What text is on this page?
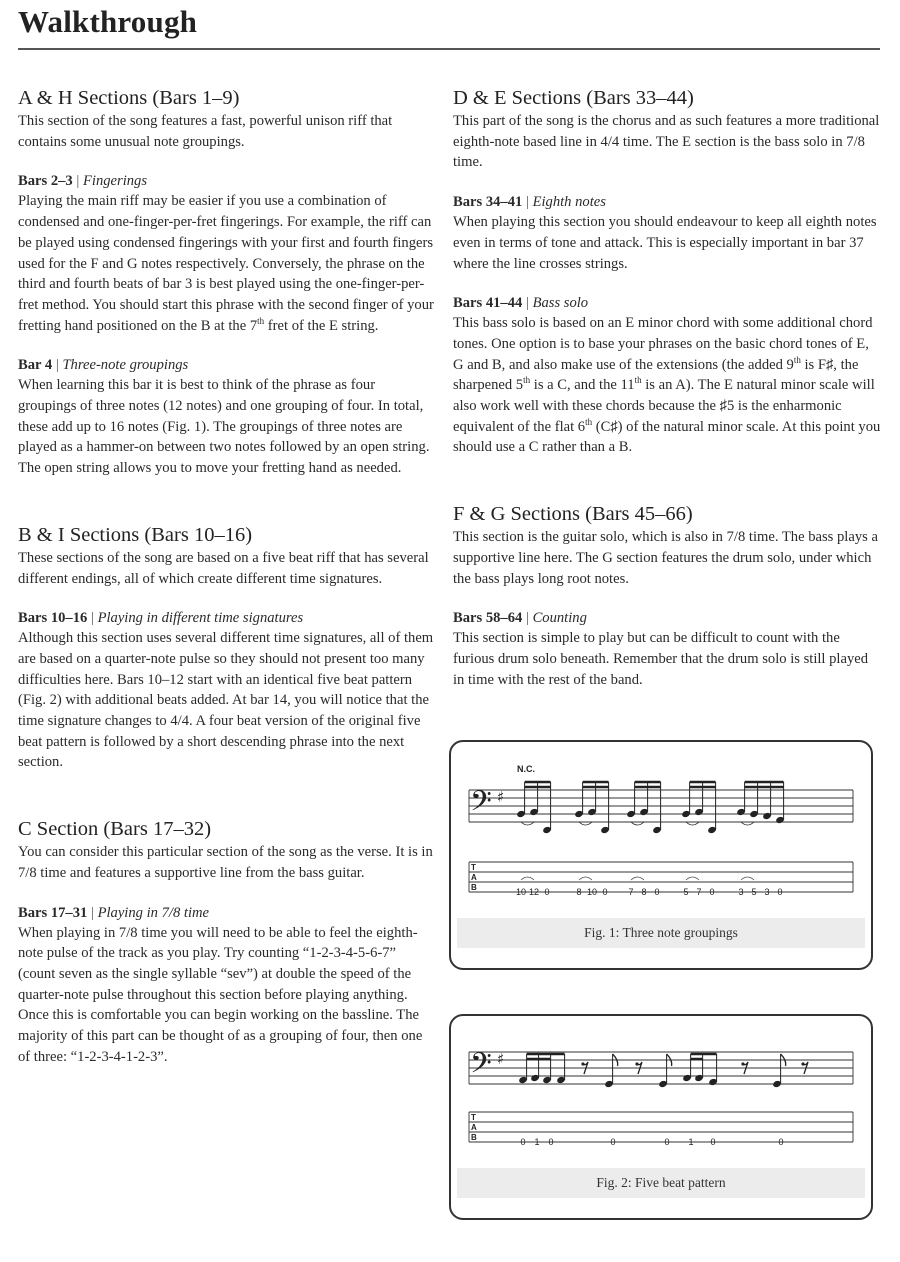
Walkthrough
A & H Sections (Bars 1–9)

This section of the song features a fast, powerful unison riff that contains some unusual note groupings.

Bars 2–3 | Fingerings

Playing the main riff may be easier if you use a combination of condensed and one-finger-per-fret fingerings. For example, the riff can be played using condensed fingerings with your first and fourth fingers used for the F and G notes respectively. Conversely, the phrase on the third and fourth beats of bar 3 is best played using the one-finger-per-fret method. You should start this phrase with the second finger of your fretting hand positioned on the B at the 7th fret of the E string.

Bar 4 | Three-note groupings

When learning this bar it is best to think of the phrase as four groupings of three notes (12 notes) and one grouping of four. In total, these add up to 16 notes (Fig. 1). The groupings of three notes are played as a hammer-on between two notes followed by an open string. The open string allows you to move your fretting hand as needed.

B & I Sections (Bars 10–16)

These sections of the song are based on a five beat riff that has several different endings, all of which create different time signatures.

Bars 10–16 | Playing in different time signatures

Although this section uses several different time signatures, all of them are based on a quarter-note pulse so they should not present too many difficulties here. Bars 10–12 start with an identical five beat pattern (Fig. 2) with additional beats added. At bar 14, you will notice that the time signature changes to 4/4. A four beat version of the original five beat pattern is followed by a short descending phrase into the next section.

C Section (Bars 17–32)

You can consider this particular section of the song as the verse. It is in 7/8 time and features a supportive line from the bass guitar.

Bars 17–31 | Playing in 7/8 time

When playing in 7/8 time you will need to be able to feel the eighth-note pulse of the track as you play. Try counting “1-2-3-4-5-6-7” (count seven as the single syllable “sev”) at double the speed of the quarter-note pulse throughout this section before playing anything. Once this is comfortable you can begin working on the bassline. The majority of this part can be thought of as a grouping of four, then one of three: “1-2-3-4-1-2-3”.

D & E Sections (Bars 33–44)

This part of the song is the chorus and as such features a more traditional eighth-note based line in 4/4 time. The E section is the bass solo in 7/8 time.

Bars 34–41 | Eighth notes

When playing this section you should endeavour to keep all eighth notes even in terms of tone and attack. This is especially important in bar 37 where the line crosses strings.

Bars 41–44 | Bass solo

This bass solo is based on an E minor chord with some additional chord tones. One option is to base your phrases on the basic chord tones of E, G and B, and also make use of the extensions (the added 9th is F♯, the sharpened 5th is a C, and the 11th is an A). The E natural minor scale will also work well with these chords because the ♯5 is the enharmonic equivalent of the flat 6th (C♯) of the natural minor scale. At this point you should use a C rather than a B.

F & G Sections (Bars 45–66)

This section is the guitar solo, which is also in 7/8 time. The bass plays a supportive line here. The G section features the drum solo, under which the bass plays long root notes.

Bars 58–64 | Counting

This section is simple to play but can be difficult to count with the furious drum solo beneath. Remember that the drum solo is still played in time with the rest of the band.

N.C.
𝄢 ♯
T
A
B	10 12 0	8 10 0 7 8 0	5 7 0	3 5 3 0
Fig. 1: Three note groupings
𝄢 ♯
T
A
B	0 1 0	0	0 1 0	0
Fig. 2: Five beat pattern
